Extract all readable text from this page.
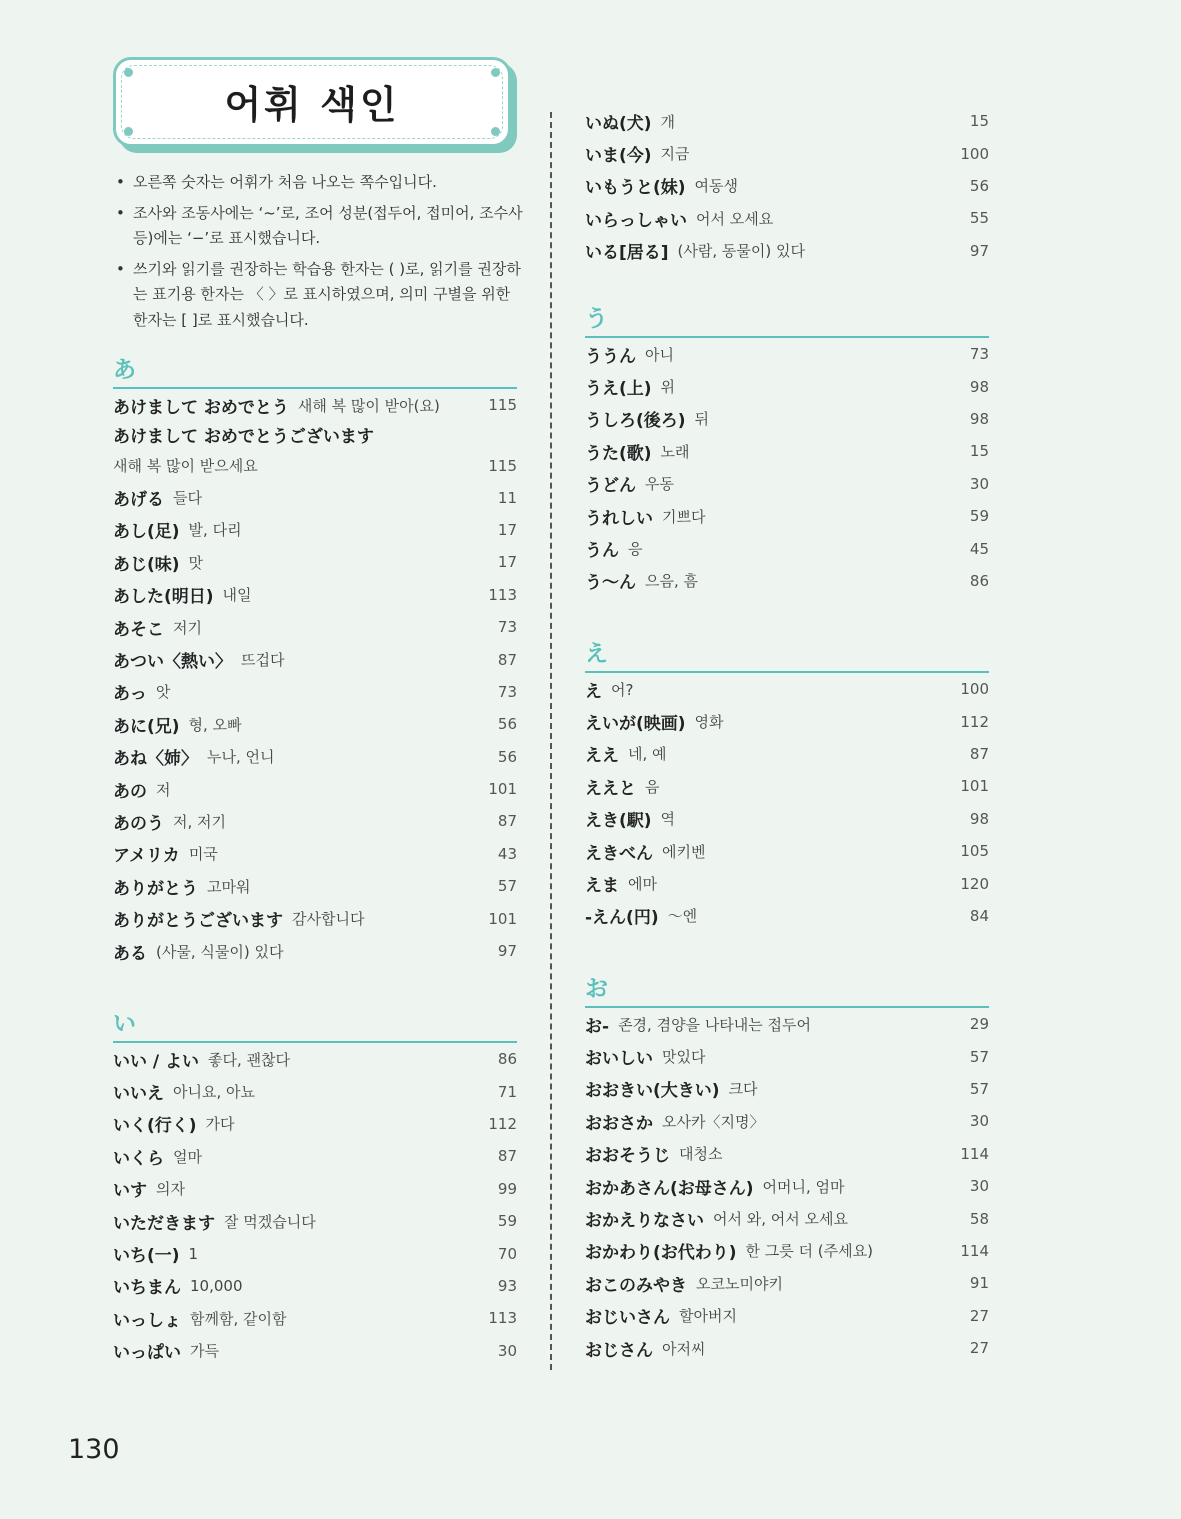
어휘 색인
• 오른쪽 숫자는 어휘가 처음 나오는 쪽수입니다.
• 조사와 조동사에는 ‘~’로, 조어 성분(접두어, 접미어, 조수사 등)에는 ‘−’로 표시했습니다.
• 쓰기와 읽기를 권장하는 학습용 한자는 ( )로, 읽기를 권장하는 표기용 한자는 〈 〉로 표시하였으며, 의미 구별을 위한 한자는 [ ]로 표시했습니다.
あ
あけまして おめでとう 새해 복 많이 받아(요)	115
あけまして おめでとうございます
새해 복 많이 받으세요	115
あげる 들다	11
あし(足) 발, 다리	17
あじ(味) 맛	17
あした(明日) 내일	113
あそこ 저기	73
あつい〈熱い〉 뜨겁다	87
あっ 앗	73
あに(兄) 형, 오빠	56
あね〈姉〉 누나, 언니	56
あの 저	101
あのう 저, 저기	87
アメリカ 미국	43
ありがとう 고마워	57
ありがとうございます 감사합니다	101
ある (사물, 식물이) 있다	97
い
いい / よい 좋다, 괜찮다	86
いいえ 아니요, 아뇨	71
いく(行く) 가다	112
いくら 얼마	87
いす 의자	99
いただきます 잘 먹겠습니다	59
いち(一) 1	70
いちまん 10,000	93
いっしょ 함께함, 같이함	113
いっぱい 가득	30
いぬ(犬) 개	15
いま(今) 지금	100
いもうと(妹) 여동생	56
いらっしゃい 어서 오세요	55
いる[居る] (사람, 동물이) 있다	97
う
ううん 아니	73
うえ(上) 위	98
うしろ(後ろ) 뒤	98
うた(歌) 노래	15
うどん 우동	30
うれしい 기쁘다	59
うん 응	45
う～ん 으음, 흠	86
え
え 어?	100
えいが(映画) 영화	112
ええ 네, 예	87
ええと 음	101
えき(駅) 역	98
えきべん 에키벤	105
えま 에마	120
-えん(円) ～엔	84
お
お- 존경, 겸양을 나타내는 접두어	29
おいしい 맛있다	57
おおきい(大きい) 크다	57
おおさか 오사카〈지명〉	30
おおそうじ 대청소	114
おかあさん(お母さん) 어머니, 엄마	30
おかえりなさい 어서 와, 어서 오세요	58
おかわり(お代わり) 한 그릇 더 (주세요)	114
おこのみやき 오코노미야키	91
おじいさん 할아버지	27
おじさん 아저씨	27
130
